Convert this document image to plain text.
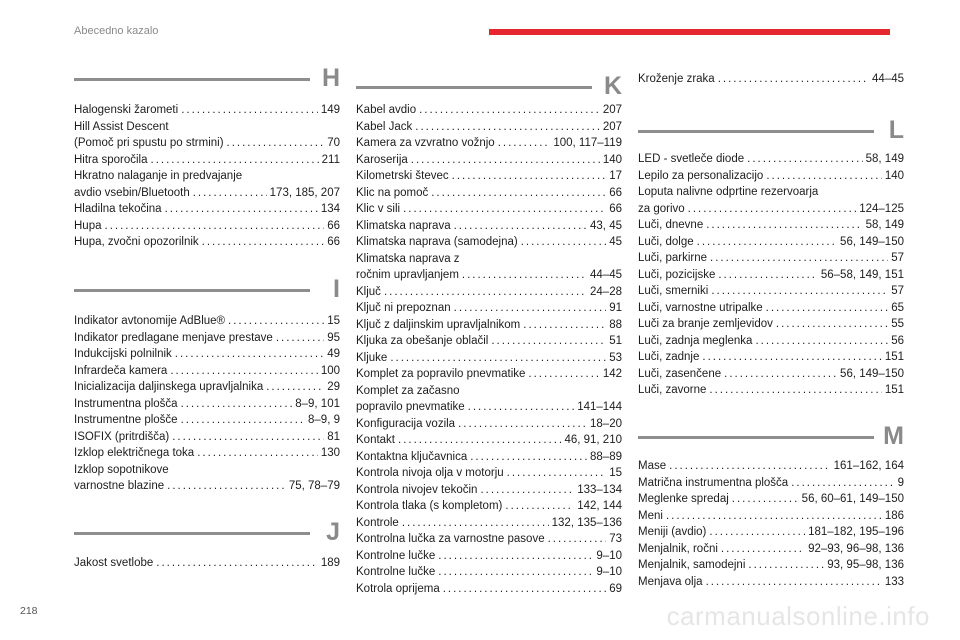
Abecedno kazalo
H
Halogenski žarometi . . .	149
Hill Assist Descent
(Pomoč pri spustu po strmini) . . .	70
Hitra sporočila . . .	211
Hkratno nalaganje in predvajanje
avdio vsebin/Bluetooth . . .	173, 185, 207
Hladilna tekočina . . .	134
Hupa . . .	66
Hupa, zvočni opozorilnik . . .	66
I
Indikator avtonomije AdBlue® . . .	15
Indikator predlagane menjave prestave . . .	95
Indukcijski polnilnik . . .	49
Infrardeča kamera . . .	100
Inicializacija daljinskega upravljalnika . . .	29
Instrumentna plošča . . .	8–9, 101
Instrumentne plošče . . .	8–9, 9
ISOFIX (pritrdišča) . . .	81
Izklop električnega toka . . .	130
Izklop sopotnikove
varnostne blazine . . .	75, 78–79
J
Jakost svetlobe . . .	189
K
Kabel avdio . . .	207
Kabel Jack . . .	207
Kamera za vzvratno vožnjo . . .	100, 117–119
Karoserija . . .	140
Kilometrski števec . . .	17
Klic na pomoč . . .	66
Klic v sili . . .	66
Klimatska naprava . . .	43, 45
Klimatska naprava (samodejna) . . .	45
Klimatska naprava z
ročnim upravljanjem . . .	44–45
Ključ . . .	24–28
Ključ ni prepoznan . . .	91
Ključ z daljinskim upravljalnikom . . .	88
Kljuka za obešanje oblačil . . .	51
Kljuke . . .	53
Komplet za popravilo pnevmatike . . .	142
Komplet za začasno
popravilo pnevmatike . . .	141–144
Konfiguracija vozila . . .	18–20
Kontakt . . .	46, 91, 210
Kontaktna ključavnica . . .	88–89
Kontrola nivoja olja v motorju . . .	15
Kontrola nivojev tekočin . . .	133–134
Kontrola tlaka (s kompletom) . . .	142, 144
Kontrole . . .	132, 135–136
Kontrolna lučka za varnostne pasove . . .	73
Kontrolne lučke . . .	9–10
Kontrolne lučke . . .	9–10
Kotrola oprijema . . .	69
Kroženje zraka . . .	44–45
L
LED - svetleče diode . . .	58, 149
Lepilo za personalizacijo . . .	140
Loputa nalivne odprtine rezervoarja
za gorivo . . .	124–125
Luči, dnevne . . .	58, 149
Luči, dolge . . .	56, 149–150
Luči, parkirne . . .	57
Luči, pozicijske . . .	56–58, 149, 151
Luči, smerniki . . .	57
Luči, varnostne utripalke . . .	65
Luči za branje zemljevidov . . .	55
Luči, zadnja meglenka . . .	56
Luči, zadnje . . .	151
Luči, zasenčene . . .	56, 149–150
Luči, zavorne . . .	151
M
Mase . . .	161–162, 164
Matrična instrumentna plošča . . .	9
Meglenke spredaj . . .	56, 60–61, 149–150
Meni . . .	186
Meniji (avdio) . . .	181–182, 195–196
Menjalnik, ročni . . .	92–93, 96–98, 136
Menjalnik, samodejni . . .	93, 95–98, 136
Menjava olja . . .	133
218	carmanualsonline.info
